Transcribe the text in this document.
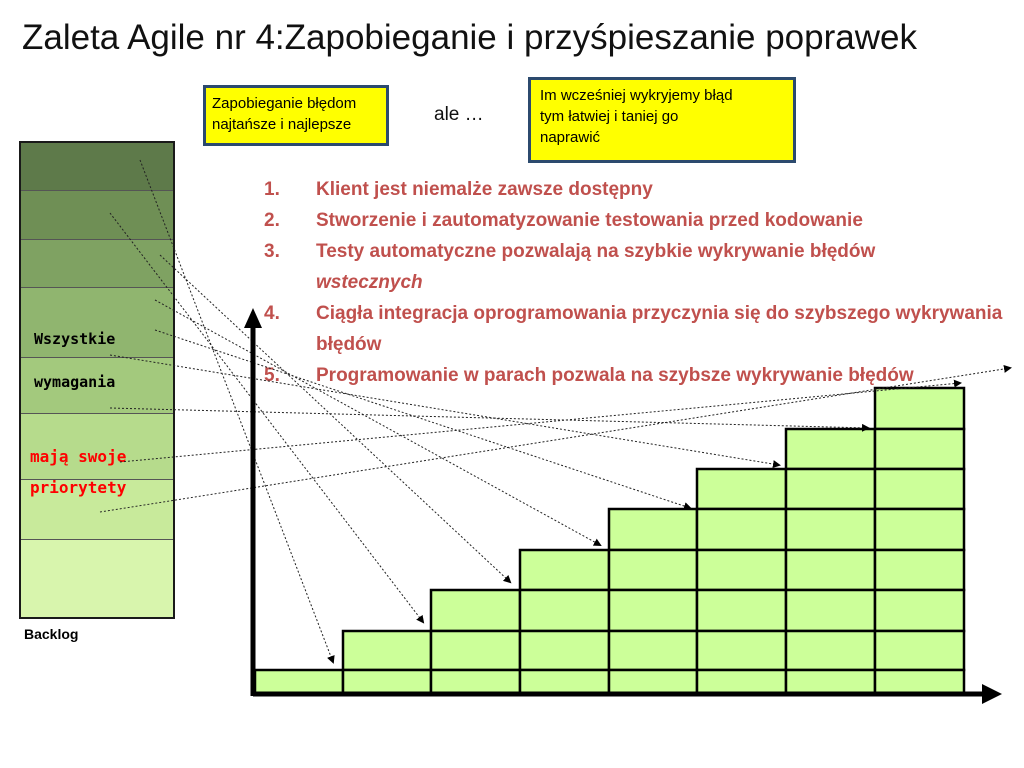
Zaleta Agile nr 4:Zapobieganie i przyśpieszanie poprawek
Zapobieganie błędom
najtańsze i najlepsze	ale …
Im wcześniej wykryjemy błąd
tym łatwiej i taniej go
naprawić
1. Klient jest niemalże zawsze dostępny
2. Stworzenie i zautomatyzowanie testowania przed kodowanie
3. Testy automatyczne pozwalają na szybkie wykrywanie błędów
wstecznych
4. Ciągła integracja oprogramowania przyczynia się do szybszego wykrywania błędów
5. Programowanie w parach pozwala na szybsze wykrywanie błędów
Wszystkie
wymagania
mają swoje
priorytety
Backlog
